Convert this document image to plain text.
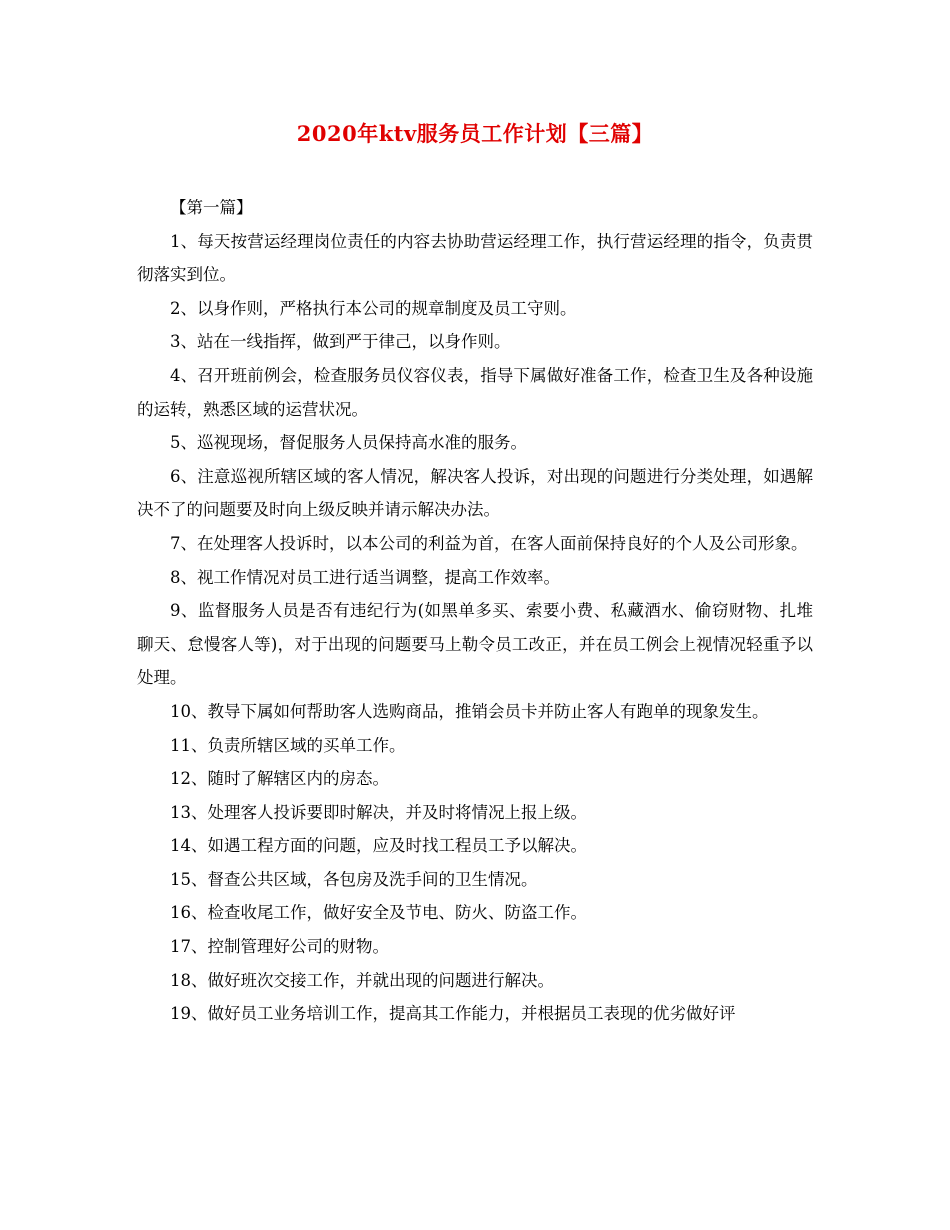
2020年ktv服务员工作计划【三篇】

【第一篇】

1、每天按营运经理岗位责任的内容去协助营运经理工作，执行营运经理的指令，负责贯彻落实到位。

2、以身作则，严格执行本公司的规章制度及员工守则。

3、站在一线指挥，做到严于律己，以身作则。

4、召开班前例会，检查服务员仪容仪表，指导下属做好准备工作，检查卫生及各种设施的运转，熟悉区域的运营状况。

5、巡视现场，督促服务人员保持高水准的服务。

6、注意巡视所辖区域的客人情况，解决客人投诉，对出现的问题进行分类处理，如遇解决不了的问题要及时向上级反映并请示解决办法。

7、在处理客人投诉时，以本公司的利益为首，在客人面前保持良好的个人及公司形象。

8、视工作情况对员工进行适当调整，提高工作效率。

9、监督服务人员是否有违纪行为(如黑单多买、索要小费、私藏酒水、偷窃财物、扎堆聊天、怠慢客人等)，对于出现的问题要马上勒令员工改正，并在员工例会上视情况轻重予以处理。

10、教导下属如何帮助客人选购商品，推销会员卡并防止客人有跑单的现象发生。

11、负责所辖区域的买单工作。

12、随时了解辖区内的房态。

13、处理客人投诉要即时解决，并及时将情况上报上级。

14、如遇工程方面的问题，应及时找工程员工予以解决。

15、督查公共区域，各包房及洗手间的卫生情况。

16、检查收尾工作，做好安全及节电、防火、防盗工作。

17、控制管理好公司的财物。

18、做好班次交接工作，并就出现的问题进行解决。

19、做好员工业务培训工作，提高其工作能力，并根据员工表现的优劣做好评
